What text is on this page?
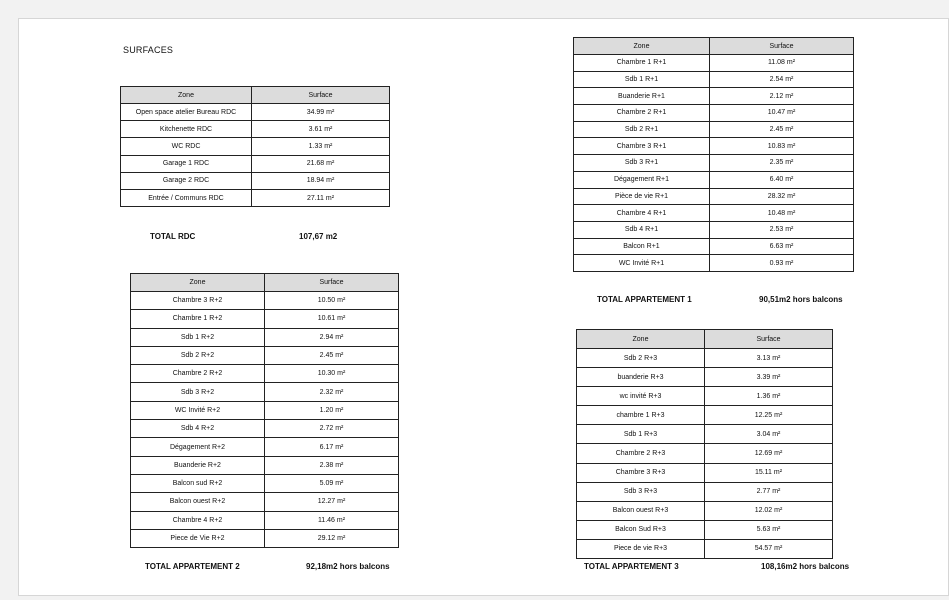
SURFACES
Zone	Surface
Open space atelier Bureau RDC	34.99 m²
Kitchenette RDC	3.61 m²
WC RDC	1.33 m²
Garage 1 RDC	21.68 m²
Garage 2 RDC	18.94 m²
Entrée / Communs RDC	27.11 m²
TOTAL RDC	107,67 m2
Zone	Surface
Chambre 1 R+1	11.08 m²
Sdb 1 R+1	2.54 m²
Buanderie R+1	2.12 m²
Chambre 2 R+1	10.47 m²
Sdb 2 R+1	2.45 m²
Chambre 3 R+1	10.83 m²
Sdb 3 R+1	2.35 m²
Dégagement R+1	6.40 m²
Pièce de vie R+1	28.32 m²
Chambre 4 R+1	10.48 m²
Sdb 4 R+1	2.53 m²
Balcon R+1	6.63 m²
WC Invité R+1	0.93 m²
TOTAL APPARTEMENT 1	90,51m2 hors balcons
Zone	Surface
Chambre 3 R+2	10.50 m²
Chambre 1 R+2	10.61 m²
Sdb 1 R+2	2.94 m²
Sdb 2 R+2	2.45 m²
Chambre 2 R+2	10.30 m²
Sdb 3 R+2	2.32 m²
WC Invité R+2	1.20 m²
Sdb 4 R+2	2.72 m²
Dégagement R+2	6.17 m²
Buanderie R+2	2.38 m²
Balcon sud R+2	5.09 m²
Balcon ouest R+2	12.27 m²
Chambre 4 R+2	11.46 m²
Piece de Vie R+2	29.12 m²
TOTAL APPARTEMENT 2	92,18m2 hors balcons
Zone	Surface
Sdb 2 R+3	3.13 m²
buanderie R+3	3.39 m²
wc invité R+3	1.36 m²
chambre 1 R+3	12.25 m²
Sdb 1 R+3	3.04 m²
Chambre 2 R+3	12.69 m²
Chambre 3 R+3	15.11 m²
Sdb 3 R+3	2.77 m²
Balcon ouest R+3	12.02 m²
Balcon Sud R+3	5.63 m²
Piece de vie R+3	54.57 m²
TOTAL APPARTEMENT 3	108,16m2 hors balcons
